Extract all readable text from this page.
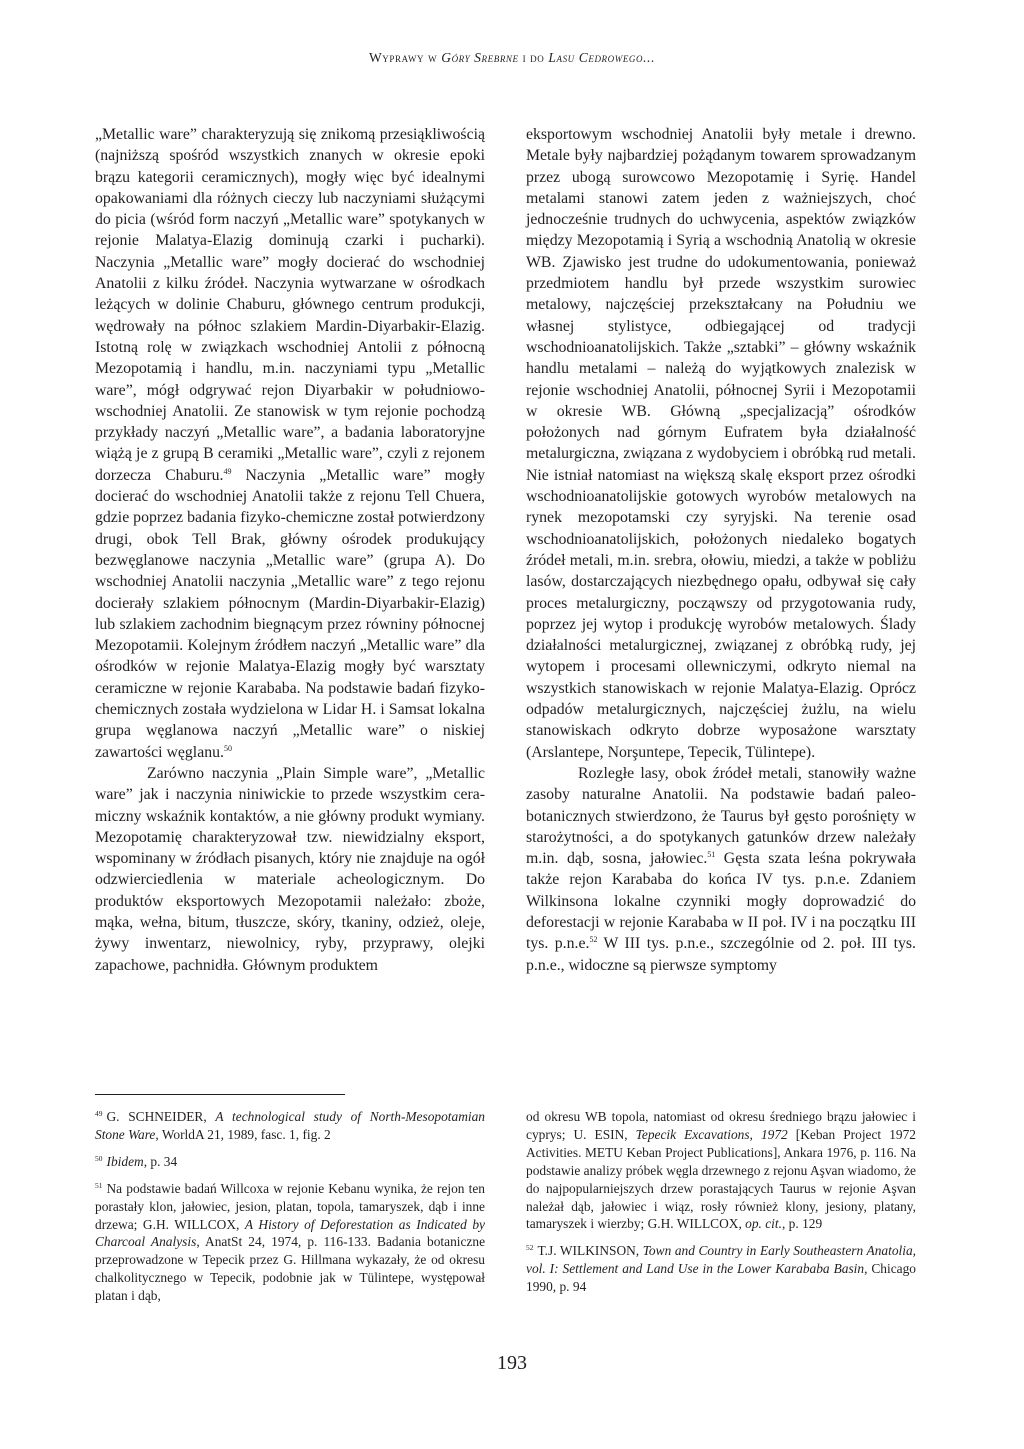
Wyprawy w Góry Srebrne i do Lasu Cedrowego...

„Metallic ware” charakteryzują się znikomą przesiąkliwością (najniższą spośród wszystkich znanych w okresie epoki brązu kategorii ceramicznych), mogły więc być idealnymi opakowaniami dla różnych cieczy lub naczyniami służącymi do picia (wśród form naczyń „Metallic ware” spotykanych w rejonie Malatya-Elazig dominują czarki i pucharki). Naczynia „Metallic ware” mogły docierać do wschodniej Anatolii z kilku źródeł. Naczynia wytwarzane w ośrodkach leżących w dolinie Chaburu, głównego centrum produkcji, wędrowały na północ szlakiem Mardin-Diyarbakir-Elazig. Istotną rolę w związkach wschodniej Antolii z północną Mezopotamią i handlu, m.in. naczyniami typu „Metallic ware”, mógł odgrywać rejon Diyarbakir w południowo-wschodniej Anatolii. Ze stanowisk w tym rejonie pochodzą przykłady naczyń „Metallic ware”, a badania laboratoryjne wiążą je z grupą B ceramiki „Metallic ware”, czyli z rejonem dorzecza Chaburu.$^{49}$ Naczynia „Metallic ware” mogły docierać do wschodniej Anatolii także z rejonu Tell Chuera, gdzie poprzez badania fizyko-chemiczne został potwierdzony drugi, obok Tell Brak, główny ośrodek produkujący bezwęglanowe naczynia „Metallic ware” (grupa A). Do wschodniej Anatolii naczynia „Metallic ware” z tego rejonu docierały szlakiem północnym (Mardin-Diyarbakir-Elazig) lub szlakiem zachodnim biegnącym przez równiny północnej Mezopotamii. Kolejnym źródłem naczyń „Metallic ware” dla ośrodków w rejonie Malatya-Elazig mogły być warsztaty ceramiczne w rejonie Karababa. Na podstawie badań fizyko-chemicznych została wydzielona w Lidar H. i Samsat lokalna grupa węglanowa naczyń „Metallic ware” o niskiej zawartości węglanu.$^{50}$

Zarówno naczynia „Plain Simple ware”, „Metallic ware” jak i naczynia niniwickie to przede wszystkim ceramiczny wskaźnik kontaktów, a nie główny produkt wymiany. Mezopotamię charakteryzował tzw. niewidzialny eksport, wspominany w źródłach pisanych, który nie znajduje na ogół odzwierciedlenia w materiale acheologicznym. Do produktów eksportowych Mezopotamii należało: zboże, mąka, wełna, bitum, tłuszcze, skóry, tkaniny, odzież, oleje, żywy inwentarz, niewolnicy, ryby, przyprawy, olejki zapachowe, pachnidła. Głównym produktem

eksportowym wschodniej Anatolii były metale i drewno. Metale były najbardziej pożądanym towarem sprowadzanym przez ubogą surowcowo Mezopotamię i Syrię. Handel metalami stanowi zatem jeden z ważniejszych, choć jednocześnie trudnych do uchwycenia, aspektów związków między Mezopotamią i Syrią a wschodnią Anatolią w okresie WB. Zjawisko jest trudne do udokumentowania, ponieważ przedmiotem handlu był przede wszystkim surowiec metalowy, najczęściej przekształcany na Południu we własnej stylistyce, odbiegającej od tradycji wschodnioanatolijskich. Także „sztabki” – główny wskaźnik handlu metalami – należą do wyjątkowych znalezisk w rejonie wschodniej Anatolii, północnej Syrii i Mezopotamii w okresie WB. Główną „specjalizacją” ośrodków położonych nad górnym Eufratem była działalność metalurgiczna, związana z wydobyciem i obróbką rud metali. Nie istniał natomiast na większą skalę eksport przez ośrodki wschodnioanatolijskie gotowych wyrobów metalowych na rynek mezopotamski czy syryjski. Na terenie osad wschodnioanatolijskich, położonych niedaleko bogatych źródeł metali, m.in. srebra, ołowiu, miedzi, a także w pobliżu lasów, dostarczających niezbędnego opału, odbywał się cały proces metalurgiczny, począwszy od przygotowania rudy, poprzez jej wytop i produkcję wyrobów metalowych. Ślady działalności metalurgicznej, związanej z obróbką rudy, jej wytopem i procesami ollewniczymi, odkryto niemal na wszystkich stanowiskach w rejonie Malatya-Elazig. Oprócz odpadów metalurgicznych, najczęściej żużlu, na wielu stanowiskach odkryto dobrze wyposażone warsztaty (Arslantepe, Norşuntepe, Tepecik, Tülintepe).

Rozległe lasy, obok źródeł metali, stanowiły ważne zasoby naturalne Anatolii. Na podstawie badań paleobotanicznych stwierdzono, że Taurus był gęsto porośnięty w starożytności, a do spotykanych gatunków drzew należały m.in. dąb, sosna, jałowiec.$^{51}$ Gęsta szata leśna pokrywała także rejon Karababa do końca IV tys. p.n.e. Zdaniem Wilkinsona lokalne czynniki mogły doprowadzić do deforestacji w rejonie Karababa w II poł. IV i na początku III tys. p.n.e.$^{52}$ W III tys. p.n.e., szczególnie od 2. poł. III tys. p.n.e., widoczne są pierwsze symptomy

$^{49}$ G. SCHNEIDER, A technological study of North-Mesopotamian Stone Ware, WorldA 21, 1989, fasc. 1, fig. 2

$^{50}$ Ibidem, p. 34

$^{51}$ Na podstawie badań Willcoxa w rejonie Kebanu wynika, że rejon ten porastały klon, jałowiec, jesion, platan, topola, tamaryszek, dąb i inne drzewa; G.H. WILLCOX, A History of Deforestation as Indicated by Charcoal Analysis, AnatSt 24, 1974, p. 116-133. Badania botaniczne przeprowadzone w Tepecik przez G. Hillmana wykazały, że od okresu chalkolitycznego w Tepecik, podobnie jak w Tülintepe, występował platan i dąb,

od okresu WB topola, natomiast od okresu średniego brązu jałowiec i cyprys; U. ESIN, Tepecik Excavations, 1972 [Keban Project 1972 Activities. METU Keban Project Publications], Ankara 1976, p. 116. Na podstawie analizy próbek węgla drzewnego z rejonu Aşvan wiadomo, że do najpopularniejszych drzew porastających Taurus w rejonie Aşvan należał dąb, jałowiec i wiąz, rosły również klony, jesiony, platany, tamaryszek i wierzby; G.H. WILLCOX, op. cit., p. 129

$^{52}$ T.J. WILKINSON, Town and Country in Early Southeastern Anatolia, vol. I: Settlement and Land Use in the Lower Karababa Basin, Chicago 1990, p. 94

193
